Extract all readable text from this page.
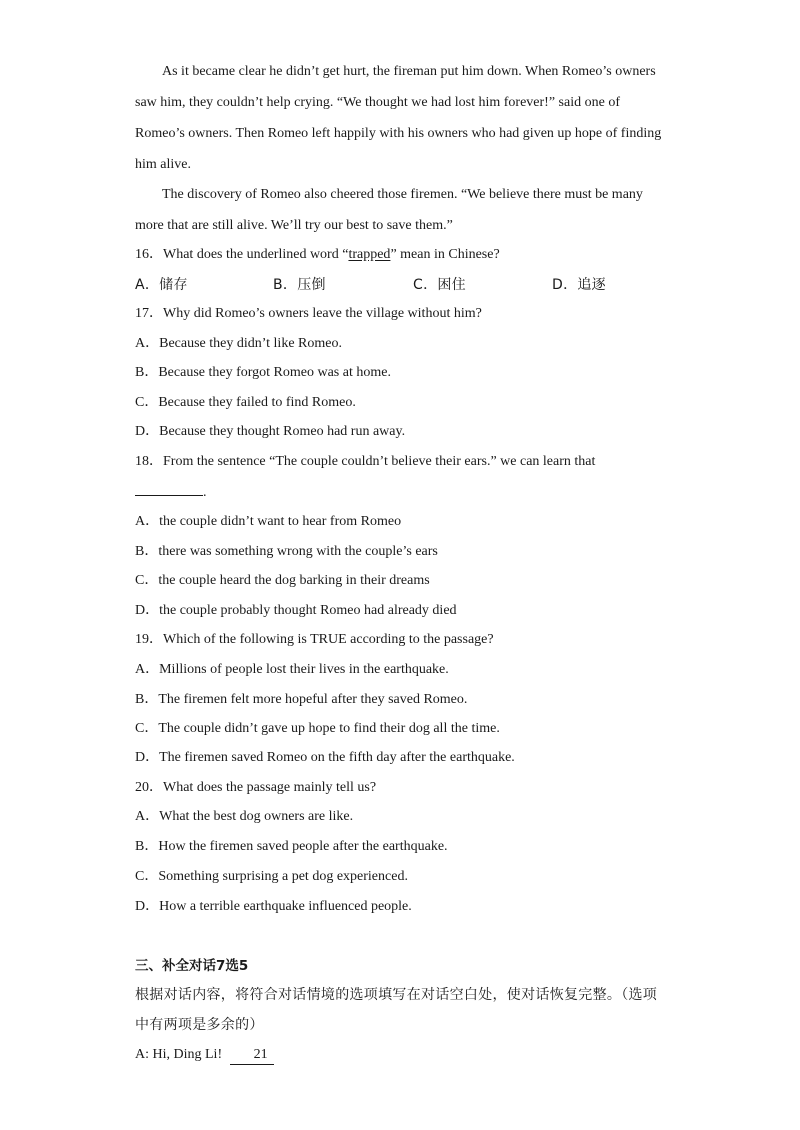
As it became clear he didn’t get hurt, the fireman put him down. When Romeo’s owners
saw him, they couldn’t help crying. “We thought we had lost him forever!” said one of
Romeo’s owners. Then Romeo left happily with his owners who had given up hope of finding
him alive.
The discovery of Romeo also cheered those firemen. “We believe there must be many
more that are still alive. We’ll try our best to save them.”
16．What does the underlined word “trapped” mean in Chinese?
A．储存	B．压倒	C．困住	D．追逐
17．Why did Romeo’s owners leave the village without him?
A．Because they didn’t like Romeo.
B．Because they forgot Romeo was at home.
C．Because they failed to find Romeo.
D．Because they thought Romeo had run away.
18．From the sentence “The couple couldn’t believe their ears.” we can learn that
.
A．the couple didn’t want to hear from Romeo
B．there was something wrong with the couple’s ears
C．the couple heard the dog barking in their dreams
D．the couple probably thought Romeo had already died
19．Which of the following is TRUE according to the passage?
A．Millions of people lost their lives in the earthquake.
B．The firemen felt more hopeful after they saved Romeo.
C．The couple didn’t gave up hope to find their dog all the time.
D．The firemen saved Romeo on the fifth day after the earthquake.
20．What does the passage mainly tell us?
A．What the best dog owners are like.
B．How the firemen saved people after the earthquake.
C．Something surprising a pet dog experienced.
D．How a terrible earthquake influenced people.
三、补全对话7选5
根据对话内容，将符合对话情境的选项填写在对话空白处，使对话恢复完整。（选项
中有两项是多余的）
A: Hi, Ding Li! 21
